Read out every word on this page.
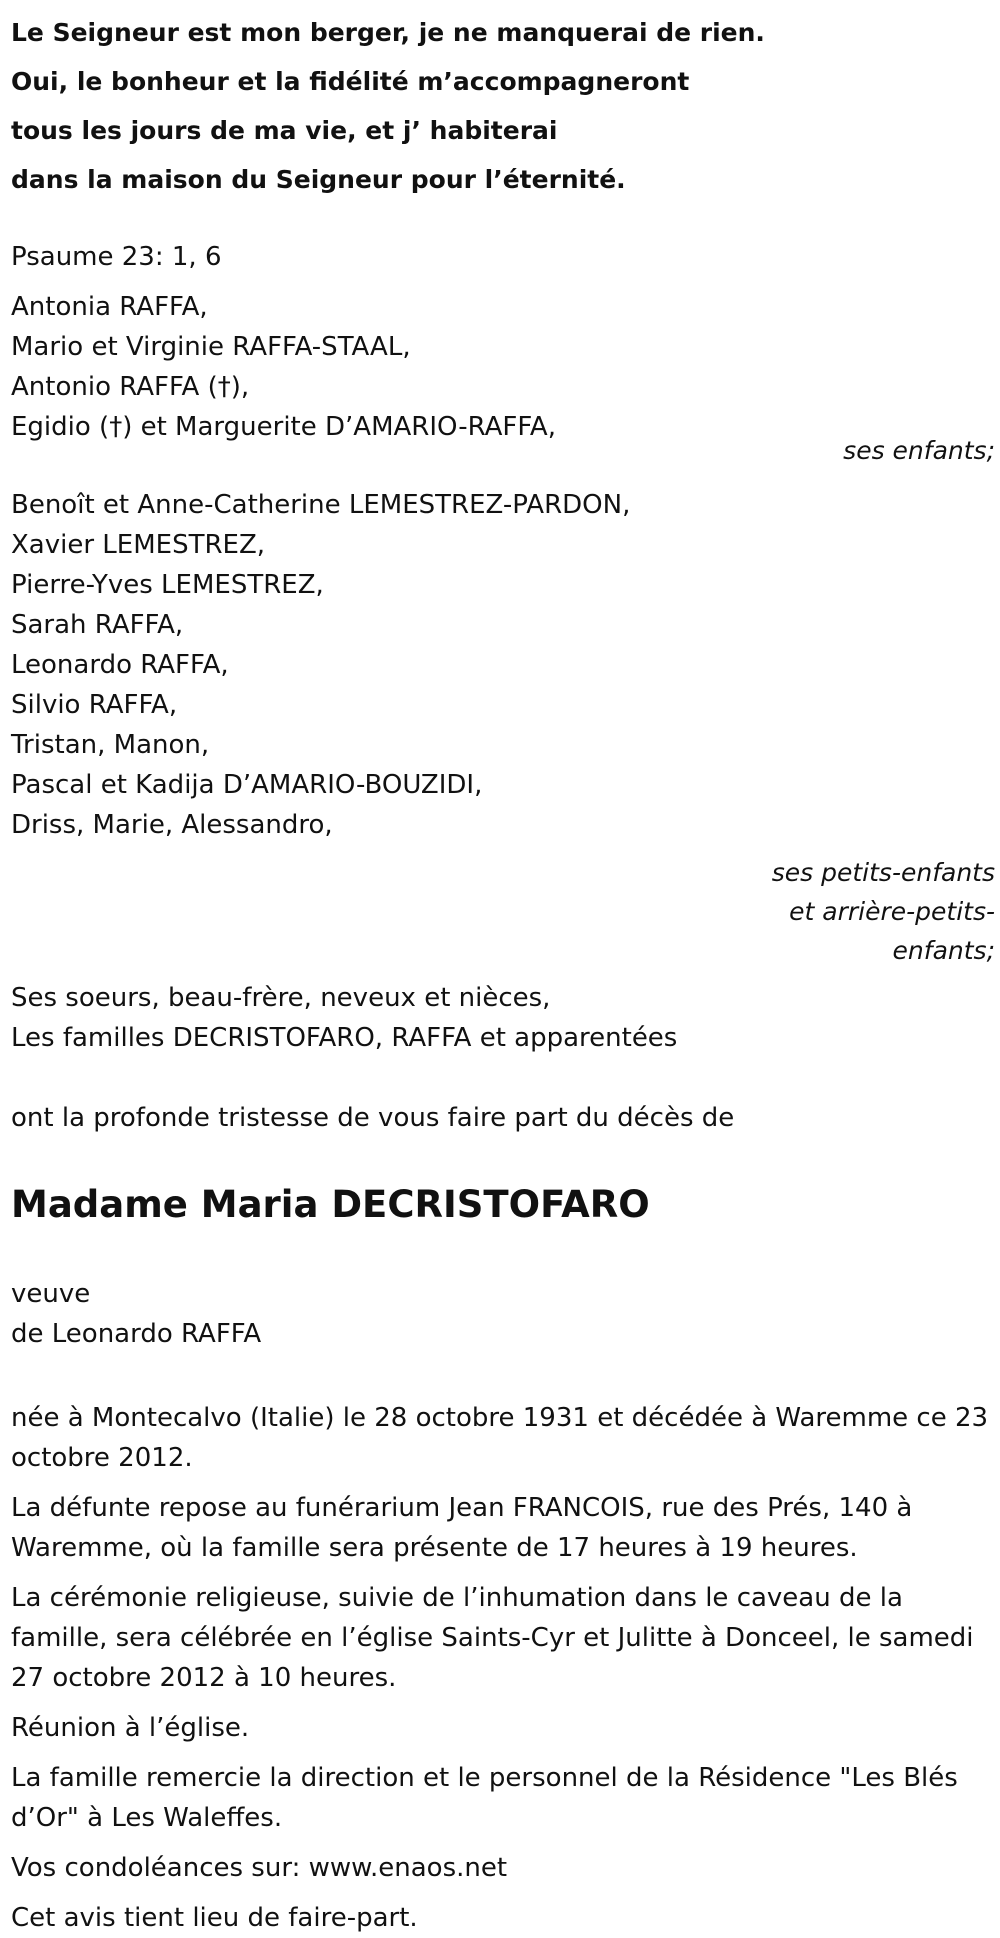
Le Seigneur est mon berger, je ne manquerai de rien.
Oui, le bonheur et la fidélité m’accompagneront
tous les jours de ma vie, et j’ habiterai
dans la maison du Seigneur pour l’éternité.
Psaume 23: 1, 6
Antonia RAFFA,
Mario et Virginie RAFFA-STAAL,
Antonio RAFFA (†),
Egidio (†) et Marguerite D’AMARIO-RAFFA,
ses enfants;
Benoît et Anne-Catherine LEMESTREZ-PARDON,
Xavier LEMESTREZ,
Pierre-Yves LEMESTREZ,
Sarah RAFFA,
Leonardo RAFFA,
Silvio RAFFA,
Tristan, Manon,
Pascal et Kadija D’AMARIO-BOUZIDI,
Driss, Marie, Alessandro,
ses petits-enfants
et arrière-petits-
enfants;
Ses soeurs, beau-frère, neveux et nièces,
Les familles DECRISTOFARO, RAFFA et apparentées
ont la profonde tristesse de vous faire part du décès de
Madame Maria DECRISTOFARO
veuve
de Leonardo RAFFA

née à Montecalvo (Italie) le 28 octobre 1931 et décédée à Waremme ce 23 octobre 2012.

La défunte repose au funérarium Jean FRANCOIS, rue des Prés, 140 à Waremme, où la famille sera présente de 17 heures à 19 heures.

La cérémonie religieuse, suivie de l’inhumation dans le caveau de la famille, sera célébrée en l’église Saints-Cyr et Julitte à Donceel, le samedi 27 octobre 2012 à 10 heures.

Réunion à l’église.

La famille remercie la direction et le personnel de la Résidence "Les Blés d’Or" à Les Waleffes.

Vos condoléances sur: www.enaos.net

Cet avis tient lieu de faire-part.
